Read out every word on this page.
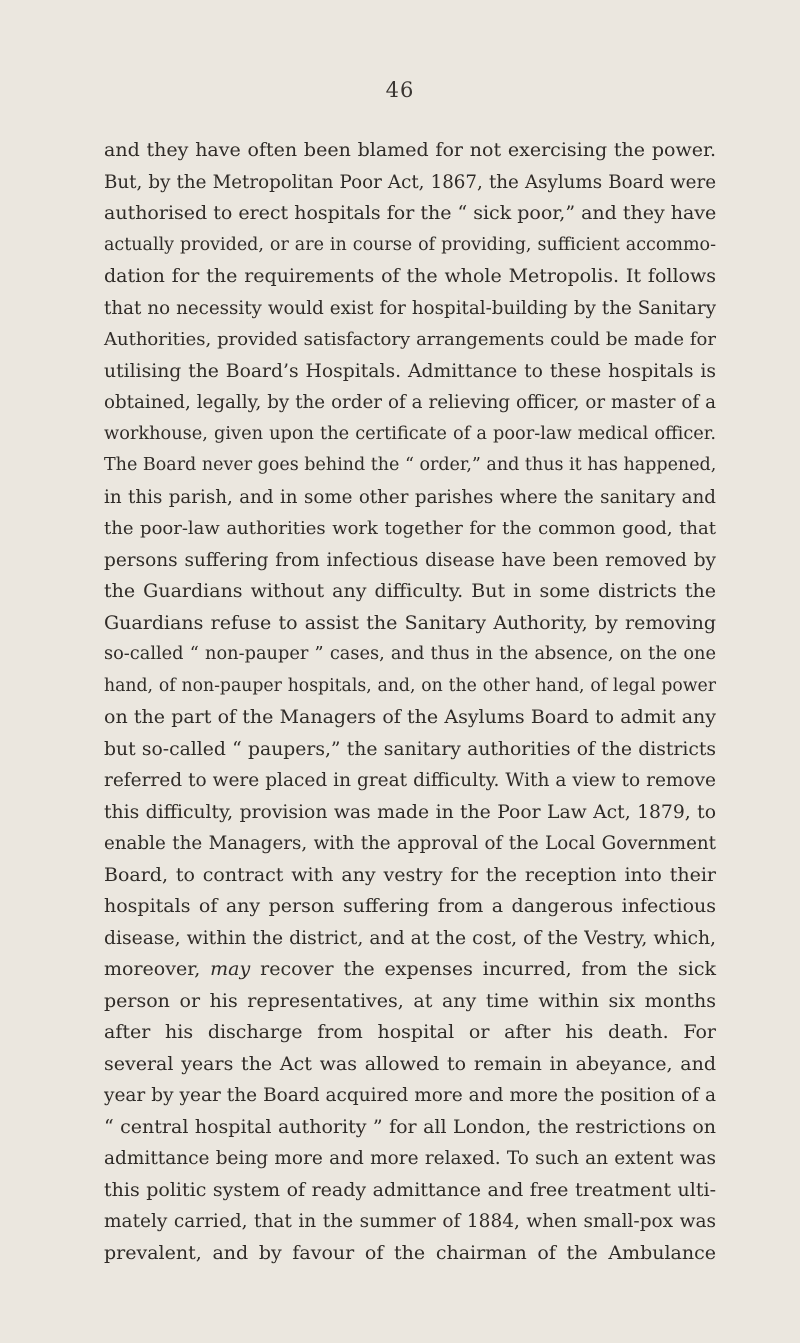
46
and they have often been blamed for not exercising the power.
But, by the Metropolitan Poor Act, 1867, the Asylums Board were
authorised to erect hospitals for the “ sick poor,” and they have
actually provided, or are in course of providing, sufficient accommo-
dation for the requirements of the whole Metropolis. It follows
that no necessity would exist for hospital-building by the Sanitary
Authorities, provided satisfactory arrangements could be made for
utilising the Board’s Hospitals. Admittance to these hospitals is
obtained, legally, by the order of a relieving officer, or master of a
workhouse, given upon the certificate of a poor-law medical officer.
The Board never goes behind the “ order,” and thus it has happened,
in this parish, and in some other parishes where the sanitary and
the poor-law authorities work together for the common good, that
persons suffering from infectious disease have been removed by
the Guardians without any difficulty. But in some districts the
Guardians refuse to assist the Sanitary Authority, by removing
so-called “ non-pauper ” cases, and thus in the absence, on the one
hand, of non-pauper hospitals, and, on the other hand, of legal power
on the part of the Managers of the Asylums Board to admit any
but so-called “ paupers,” the sanitary authorities of the districts
referred to were placed in great difficulty. With a view to remove
this difficulty, provision was made in the Poor Law Act, 1879, to
enable the Managers, with the approval of the Local Government
Board, to contract with any vestry for the reception into their
hospitals of any person suffering from a dangerous infectious
disease, within the district, and at the cost, of the Vestry, which,
moreover, may recover the expenses incurred, from the sick
person or his representatives, at any time within six months
after his discharge from hospital or after his death. For
several years the Act was allowed to remain in abeyance, and
year by year the Board acquired more and more the position of a
“ central hospital authority ” for all London, the restrictions on
admittance being more and more relaxed. To such an extent was
this politic system of ready admittance and free treatment ulti-
mately carried, that in the summer of 1884, when small-pox was
prevalent, and by favour of the chairman of the Ambulance
